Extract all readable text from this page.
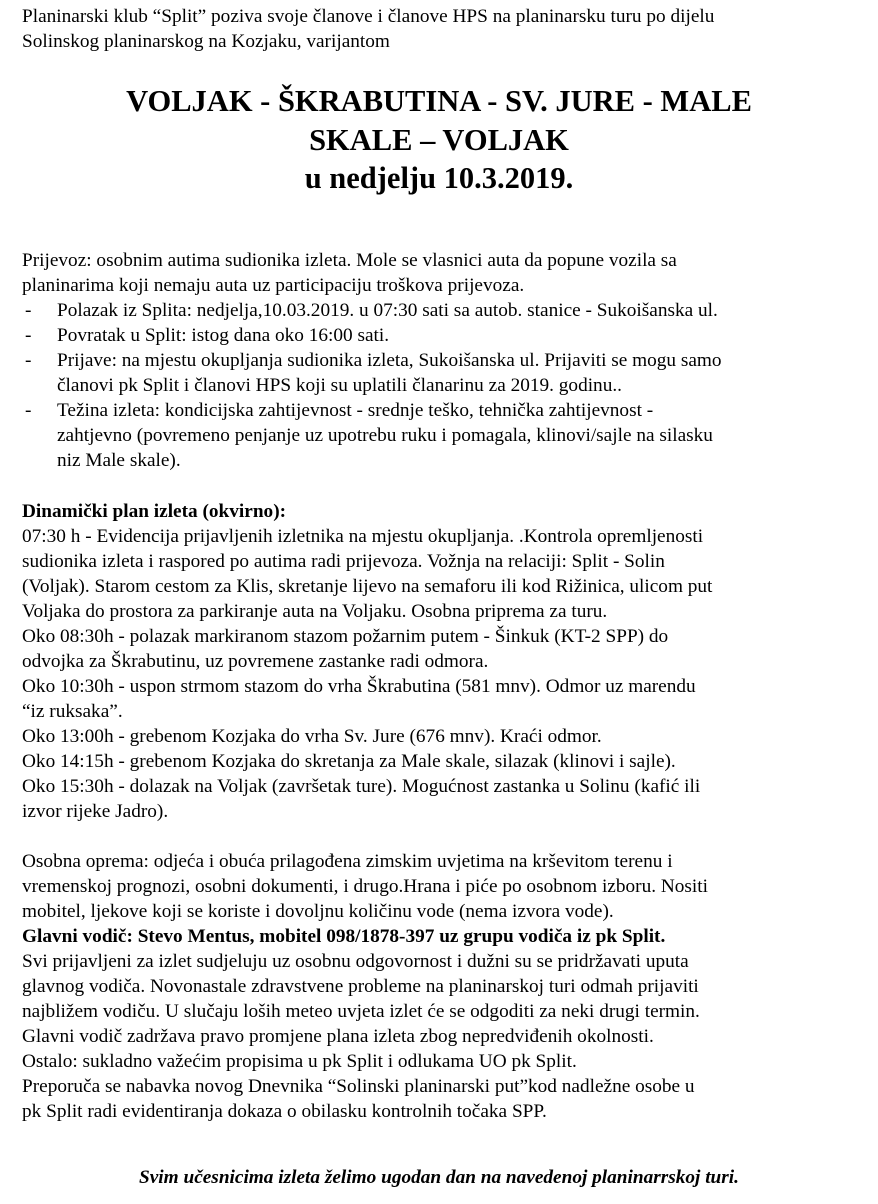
Planinarski klub “Split” poziva svoje članove i članove HPS na planinarsku turu po dijelu
Solinskog planinarskog na Kozjaku, varijantom
VOLJAK - ŠKRABUTINA - SV. JURE - MALE
SKALE – VOLJAK
u nedjelju 10.3.2019.
Prijevoz: osobnim autima sudionika izleta. Mole se vlasnici auta da popune vozila sa
planinarima koji nemaju auta uz participaciju troškova prijevoza.
- Polazak iz Splita: nedjelja,10.03.2019. u 07:30 sati sa autob. stanice - Sukoišanska ul.
- Povratak u Split: istog dana oko 16:00 sati.
- Prijave: na mjestu okupljanja sudionika izleta, Sukoišanska ul. Prijaviti se mogu samo
članovi pk Split i članovi HPS koji su uplatili članarinu za 2019. godinu..
- Težina izleta: kondicijska zahtijevnost - srednje teško, tehnička zahtijevnost -
zahtjevno (povremeno penjanje uz upotrebu ruku i pomagala, klinovi/sajle na silasku
niz Male skale).
Dinamički plan izleta (okvirno):
07:30 h - Evidencija prijavljenih izletnika na mjestu okupljanja. .Kontrola opremljenosti
sudionika izleta i raspored po autima radi prijevoza. Vožnja na relaciji: Split - Solin
(Voljak). Starom cestom za Klis, skretanje lijevo na semaforu ili kod Rižinica, ulicom put
Voljaka do prostora za parkiranje auta na Voljaku. Osobna priprema za turu.
Oko 08:30h - polazak markiranom stazom požarnim putem - Šinkuk (KT-2 SPP) do
odvojka za Škrabutinu, uz povremene zastanke radi odmora.
Oko 10:30h - uspon strmom stazom do vrha Škrabutina (581 mnv). Odmor uz marendu
“iz ruksaka”.
Oko 13:00h - grebenom Kozjaka do vrha Sv. Jure (676 mnv). Kraći odmor.
Oko 14:15h - grebenom Kozjaka do skretanja za Male skale, silazak (klinovi i sajle).
Oko 15:30h - dolazak na Voljak (završetak ture). Mogućnost zastanka u Solinu (kafić ili
izvor rijeke Jadro).
Osobna oprema: odjeća i obuća prilagođena zimskim uvjetima na krševitom terenu i
vremenskoj prognozi, osobni dokumenti, i drugo.Hrana i piće po osobnom izboru. Nositi
mobitel, ljekove koji se koriste i dovoljnu količinu vode (nema izvora vode).
Glavni vodič: Stevo Mentus, mobitel 098/1878-397 uz grupu vodiča iz pk Split.
Svi prijavljeni za izlet sudjeluju uz osobnu odgovornost i dužni su se pridržavati uputa
glavnog vodiča. Novonastale zdravstvene probleme na planinarskoj turi odmah prijaviti
najbližem vodiču. U slučaju loših meteo uvjeta izlet će se odgoditi za neki drugi termin.
Glavni vodič zadržava pravo promjene plana izleta zbog nepredviđenih okolnosti.
Ostalo: sukladno važećim propisima u pk Split i odlukama UO pk Split.
Preporuča se nabavka novog Dnevnika “Solinski planinarski put”kod nadležne osobe u
pk Split radi evidentiranja dokaza o obilasku kontrolnih točaka SPP.
Svim učesnicima izleta želimo ugodan dan na navedenoj planinarrskoj turi.
